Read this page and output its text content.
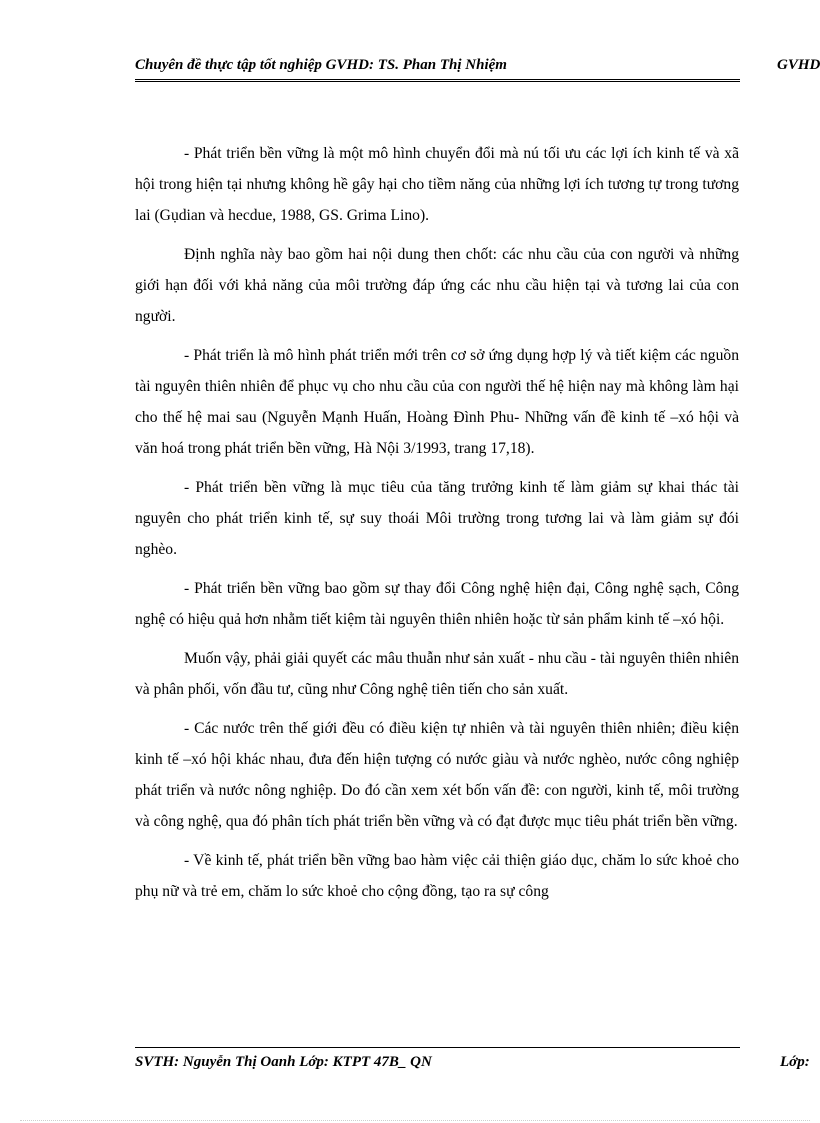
Chuyên đề thực tập tốt nghiệp GVHD: TS. Phan Thị Nhiệm	GVHD

- Phát triển bền vững là một mô hình chuyển đổi mà nú tối ưu các lợi ích kinh tế và xã hội trong hiện tại nhưng không hề gây hại cho tiềm năng của những lợi ích tương tự trong tương lai (Gụdian và hecdue, 1988, GS. Grima Lino).

Định nghĩa này bao gồm hai nội dung then chốt: các nhu cầu của con người và những giới hạn đối với khả năng của môi trường đáp ứng các nhu cầu hiện tại và tương lai của con người.

- Phát triển là mô hình phát triển mới trên cơ sở ứng dụng hợp lý và tiết kiệm các nguồn tài nguyên thiên nhiên để phục vụ cho nhu cầu của con người thế hệ hiện nay mà không làm hại cho thế hệ mai sau (Nguyễn Mạnh Huấn, Hoàng Đình Phu- Những vấn đề kinh tế –xó hội và văn hoá trong phát triển bền vững, Hà Nội 3/1993, trang 17,18).

- Phát triển bền vững là mục tiêu của tăng trưởng kinh tế làm giảm sự khai thác tài nguyên cho phát triển kinh tế, sự suy thoái Môi trường trong tương lai và làm giảm sự đói nghèo.

- Phát triển bền vững bao gồm sự thay đổi Công nghệ hiện đại, Công nghệ sạch, Công nghệ có hiệu quả hơn nhằm tiết kiệm tài nguyên thiên nhiên hoặc từ sản phẩm kinh tế –xó hội.

Muốn vậy, phải giải quyết các mâu thuẫn như sản xuất - nhu cầu - tài nguyên thiên nhiên và phân phối, vốn đầu tư, cũng như Công nghệ tiên tiến cho sản xuất.

- Các nước trên thế giới đều có điều kiện tự nhiên và tài nguyên thiên nhiên; điều kiện kinh tế –xó hội khác nhau, đưa đến hiện tượng có nước giàu và nước nghèo, nước công nghiệp phát triển và nước nông nghiệp. Do đó cần xem xét bốn vấn đề: con người, kinh tế, môi trường và công nghệ, qua đó phân tích phát triển bền vững và có đạt được mục tiêu phát triển bền vững.

- Về kinh tế, phát triển bền vững bao hàm việc cải thiện giáo dục, chăm lo sức khoẻ cho phụ nữ và trẻ em, chăm lo sức khoẻ cho cộng đồng, tạo ra sự công

SVTH: Nguyễn Thị Oanh Lớp: KTPT 47B_ QN	Lớp:
